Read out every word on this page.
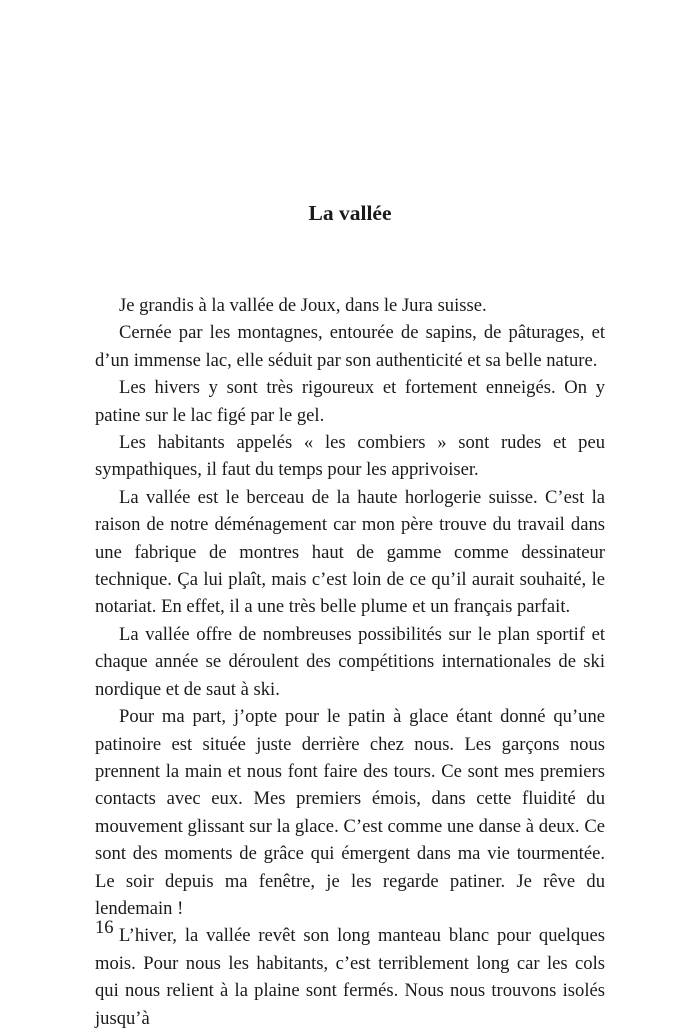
La vallée

Je grandis à la vallée de Joux, dans le Jura suisse.

Cernée par les montagnes, entourée de sapins, de pâturages, et d’un immense lac, elle séduit par son authenticité et sa belle nature.

Les hivers y sont très rigoureux et fortement enneigés. On y patine sur le lac figé par le gel.

Les habitants appelés « les combiers » sont rudes et peu sympathiques, il faut du temps pour les apprivoiser.

La vallée est le berceau de la haute horlogerie suisse. C’est la raison de notre déménagement car mon père trouve du travail dans une fabrique de montres haut de gamme comme dessinateur technique. Ça lui plaît, mais c’est loin de ce qu’il aurait souhaité, le notariat. En effet, il a une très belle plume et un français parfait.

La vallée offre de nombreuses possibilités sur le plan sportif et chaque année se déroulent des compétitions internationales de ski nordique et de saut à ski.

Pour ma part, j’opte pour le patin à glace étant donné qu’une patinoire est située juste derrière chez nous. Les garçons nous prennent la main et nous font faire des tours. Ce sont mes premiers contacts avec eux. Mes premiers émois, dans cette fluidité du mouvement glissant sur la glace. C’est comme une danse à deux. Ce sont des moments de grâce qui émergent dans ma vie tourmentée. Le soir depuis ma fenêtre, je les regarde patiner. Je rêve du lendemain !

L’hiver, la vallée revêt son long manteau blanc pour quelques mois. Pour nous les habitants, c’est terriblement long car les cols qui nous relient à la plaine sont fermés. Nous nous trouvons isolés jusqu’à

16
